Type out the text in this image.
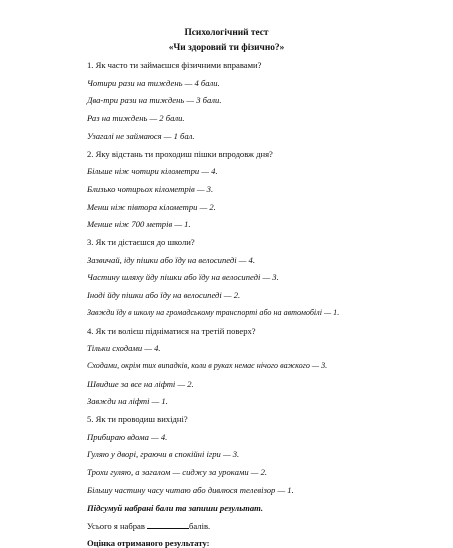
Психологічний тест
«Чи здоровий ти фізично?»
1. Як часто ти займаєшся фізичними вправами?
Чотири рази на тиждень — 4 бали.
Два-три рази на тиждень — 3 бали.
Раз на тиждень — 2 бали.
Узагалі не займаюся — 1 бал.
2. Яку відстань ти проходиш пішки впродовж дня?
Більше ніж чотири кілометри — 4.
Близько чотирьох кілометрів — 3.
Менш ніж півтора кілометри — 2.
Менше ніж 700 метрів — 1.
3. Як ти дістаєшся до школи?
Зазвичай, іду пішки або їду на велосипеді — 4.
Частину шляху йду пішки або їду на велосипеді — 3.
Іноді йду пішки або їду на велосипеді — 2.
Завжди їду в школу на громадському транспорті або на автомобілі — 1.
4. Як ти волієш підніматися на третій поверх?
Тільки сходами — 4.
Сходами, окрім тих випадків, коли в руках немає нічого важкого — 3.
Швидше за все на ліфті — 2.
Завжди на ліфті — 1.
5. Як ти проводиш вихідні?
Прибираю вдома — 4.
Гуляю у дворі, граючи в спокійні ігри — 3.
Трохи гуляю, а загалом — сиджу за уроками — 2.
Більшу частину часу читаю або дивлюся телевізор — 1.
Підсумуй набрані бали та запиши результат.
Усього я набрав	балів.
Оцінка отриманого результату:
